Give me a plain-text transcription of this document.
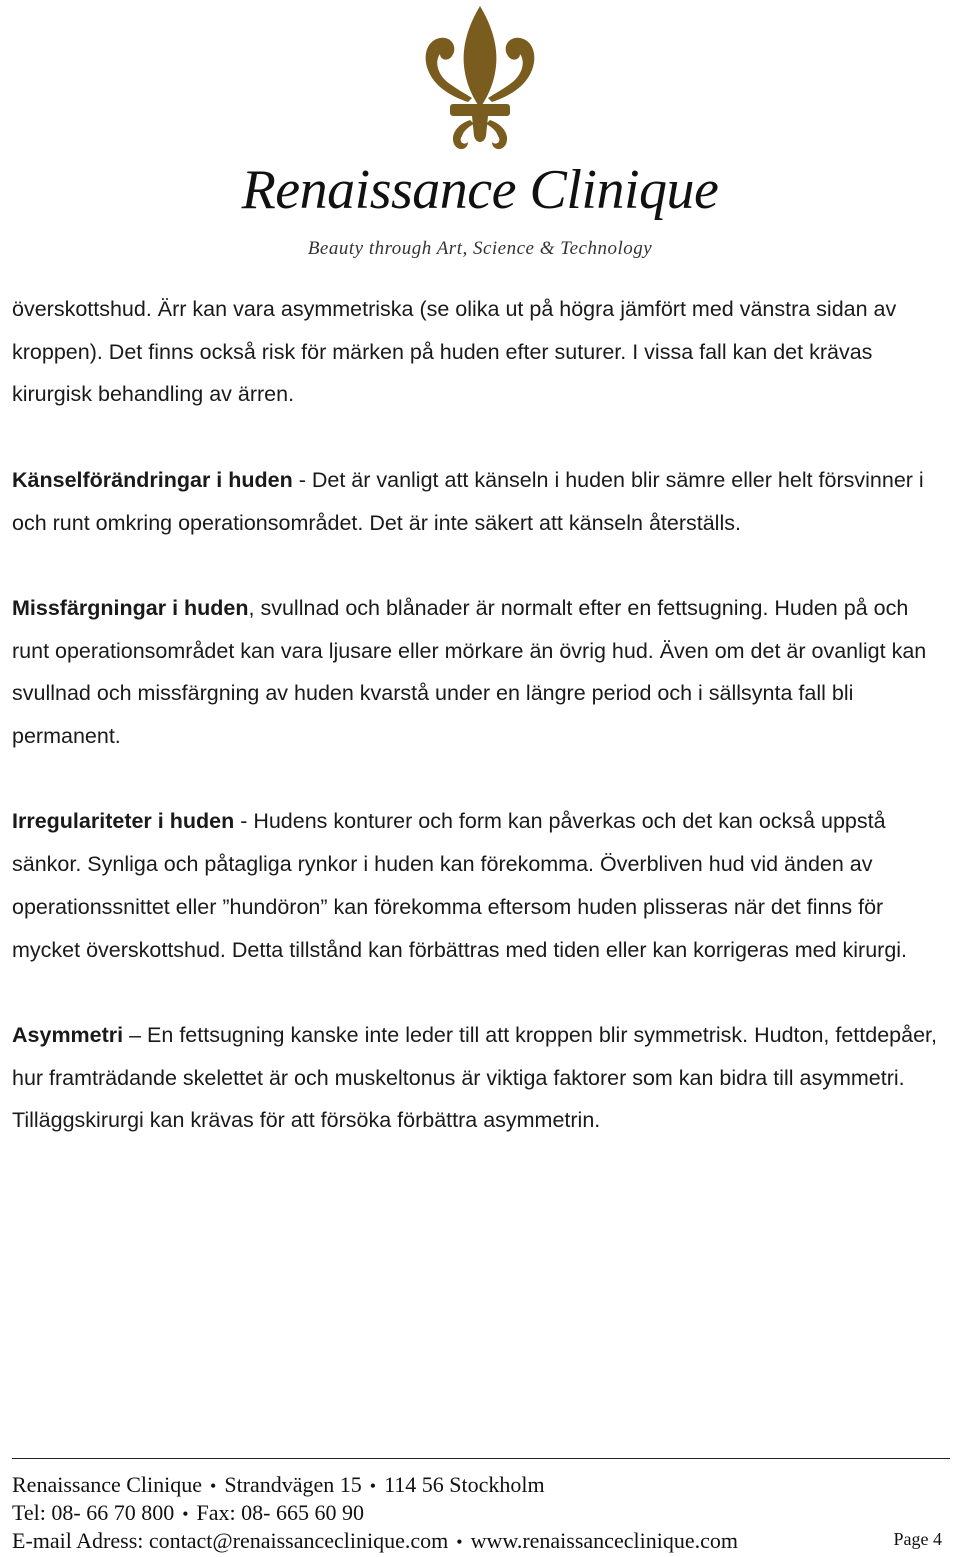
Renaissance Clinique
Beauty through Art, Science & Technology

överskottshud. Ärr kan vara asymmetriska (se olika ut på högra jämfört med vänstra sidan av kroppen). Det finns också risk för märken på huden efter suturer. I vissa fall kan det krävas kirurgisk behandling av ärren.

Känselförändringar i huden - Det är vanligt att känseln i huden blir sämre eller helt försvinner i och runt omkring operationsområdet. Det är inte säkert att känseln återställs.

Missfärgningar i huden, svullnad och blånader är normalt efter en fettsugning. Huden på och runt operationsområdet kan vara ljusare eller mörkare än övrig hud. Även om det är ovanligt kan svullnad och missfärgning av huden kvarstå under en längre period och i sällsynta fall bli permanent.

Irregulariteter i huden - Hudens konturer och form kan påverkas och det kan också uppstå sänkor. Synliga och påtagliga rynkor i huden kan förekomma. Överbliven hud vid änden av operationssnittet eller ”hundöron” kan förekomma eftersom huden plisseras när det finns för mycket överskottshud. Detta tillstånd kan förbättras med tiden eller kan korrigeras med kirurgi.

Asymmetri – En fettsugning kanske inte leder till att kroppen blir symmetrisk. Hudton, fettdepåer, hur framträdande skelettet är och muskeltonus är viktiga faktorer som kan bidra till asymmetri. Tilläggskirurgi kan krävas för att försöka förbättra asymmetrin.

Renaissance Clinique • Strandvägen 15 • 114 56 Stockholm
Tel: 08- 66 70 800 • Fax: 08- 665 60 90
E-mail Adress: contact@renaissanceclinique.com • www.renaissanceclinique.com	Page 4
